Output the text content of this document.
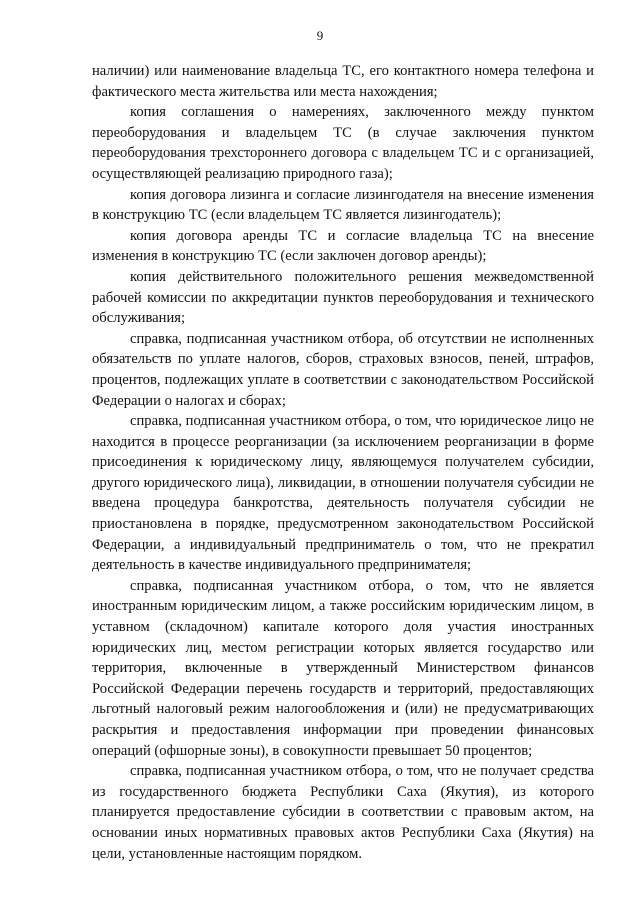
9

наличии) или наименование владельца ТС, его контактного номера телефона и фактического места жительства или места нахождения;

копия соглашения о намерениях, заключенного между пунктом переоборудования и владельцем ТС (в случае заключения пунктом переоборудования трехстороннего договора с владельцем ТС и с организацией, осуществляющей реализацию природного газа);

копия договора лизинга и согласие лизингодателя на внесение изменения в конструкцию ТС (если владельцем ТС является лизингодатель);

копия договора аренды ТС и согласие владельца ТС на внесение изменения в конструкцию ТС (если заключен договор аренды);

копия действительного положительного решения межведомственной рабочей комиссии по аккредитации пунктов переоборудования и технического обслуживания;

справка, подписанная участником отбора, об отсутствии не исполненных обязательств по уплате налогов, сборов, страховых взносов, пеней, штрафов, процентов, подлежащих уплате в соответствии с законодательством Российской Федерации о налогах и сборах;

справка, подписанная участником отбора, о том, что юридическое лицо не находится в процессе реорганизации (за исключением реорганизации в форме присоединения к юридическому лицу, являющемуся получателем субсидии, другого юридического лица), ликвидации, в отношении получателя субсидии не введена процедура банкротства, деятельность получателя субсидии не приостановлена в порядке, предусмотренном законодательством Российской Федерации, а индивидуальный предприниматель о том, что не прекратил деятельность в качестве индивидуального предпринимателя;

справка, подписанная участником отбора, о том, что не является иностранным юридическим лицом, а также российским юридическим лицом, в уставном (складочном) капитале которого доля участия иностранных юридических лиц, местом регистрации которых является государство или территория, включенные в утвержденный Министерством финансов Российской Федерации перечень государств и территорий, предоставляющих льготный налоговый режим налогообложения и (или) не предусматривающих раскрытия и предоставления информации при проведении финансовых операций (офшорные зоны), в совокупности превышает 50 процентов;

справка, подписанная участником отбора, о том, что не получает средства из государственного бюджета Республики Саха (Якутия), из которого планируется предоставление субсидии в соответствии с правовым актом, на основании иных нормативных правовых актов Республики Саха (Якутия) на цели, установленные настоящим порядком.
